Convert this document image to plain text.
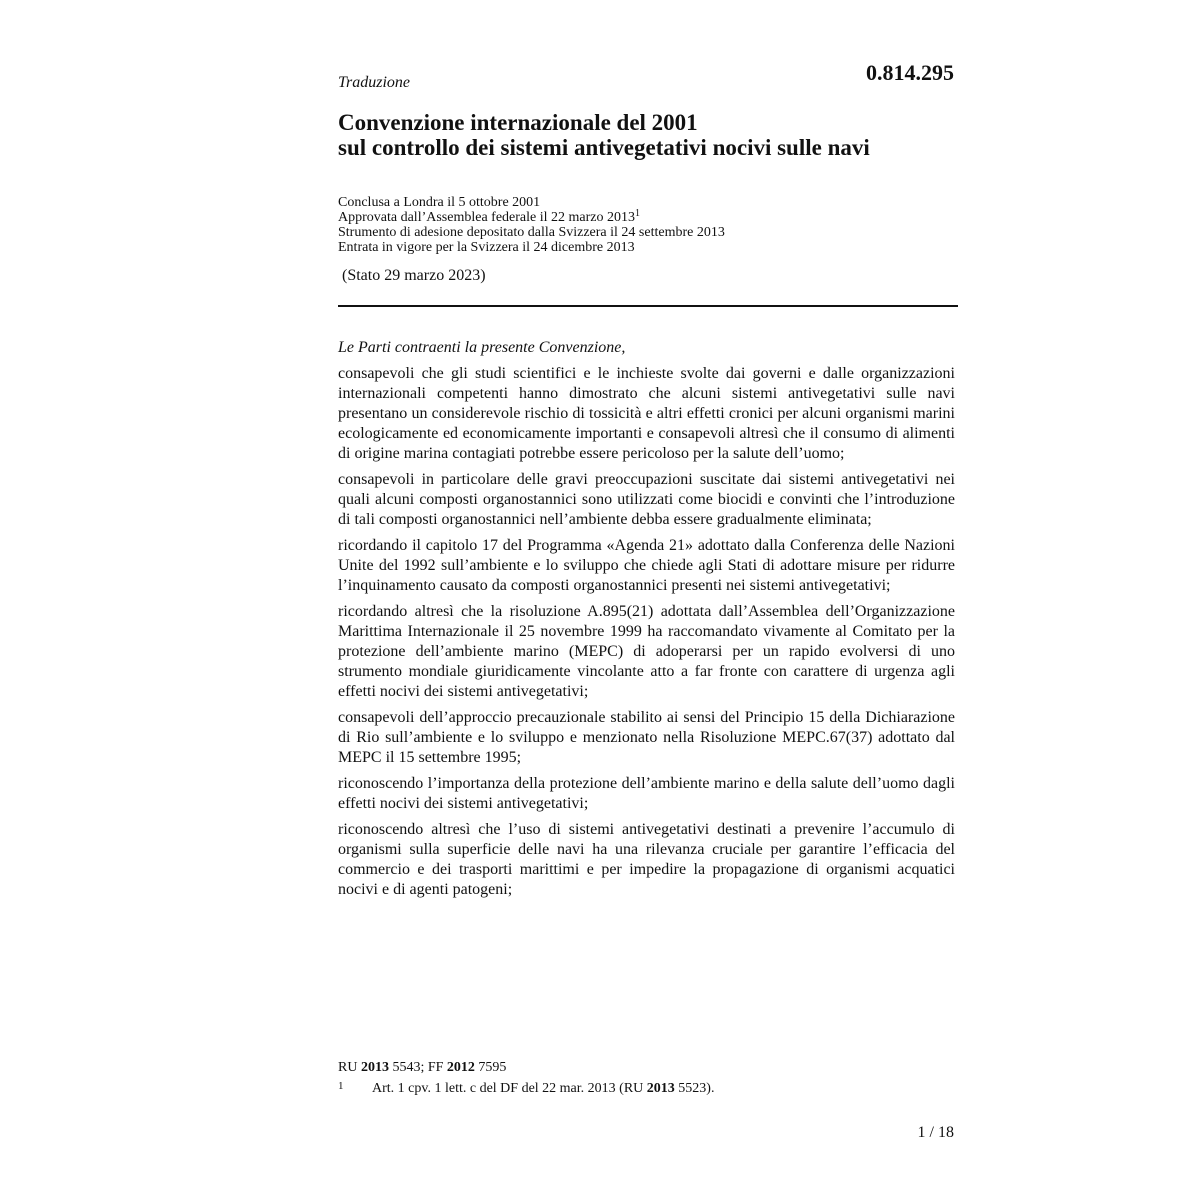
Traduzione	0.814.295
Convenzione internazionale del 2001
sul controllo dei sistemi antivegetativi nocivi sulle navi
Conclusa a Londra il 5 ottobre 2001
Approvata dall’Assemblea federale il 22 marzo 2013$^1$
Strumento di adesione depositato dalla Svizzera il 24 settembre 2013
Entrata in vigore per la Svizzera il 24 dicembre 2013
(Stato 29 marzo 2023)
Le Parti contraenti la presente Convenzione,

consapevoli che gli studi scientifici e le inchieste svolte dai governi e dalle organizzazioni internazionali competenti hanno dimostrato che alcuni sistemi antivegetativi sulle navi presentano un considerevole rischio di tossicità e altri effetti cronici per alcuni organismi marini ecologicamente ed economicamente importanti e consapevoli altresì che il consumo di alimenti di origine marina contagiati potrebbe essere pericoloso per la salute dell’uomo;

consapevoli in particolare delle gravi preoccupazioni suscitate dai sistemi antivegetativi nei quali alcuni composti organostannici sono utilizzati come biocidi e convinti che l’introduzione di tali composti organostannici nell’ambiente debba essere gradualmente eliminata;

ricordando il capitolo 17 del Programma «Agenda 21» adottato dalla Conferenza delle Nazioni Unite del 1992 sull’ambiente e lo sviluppo che chiede agli Stati di adottare misure per ridurre l’inquinamento causato da composti organostannici presenti nei sistemi antivegetativi;

ricordando altresì che la risoluzione A.895(21) adottata dall’Assemblea dell’Organizzazione Marittima Internazionale il 25 novembre 1999 ha raccomandato vivamente al Comitato per la protezione dell’ambiente marino (MEPC) di adoperarsi per un rapido evolversi di uno strumento mondiale giuridicamente vincolante atto a far fronte con carattere di urgenza agli effetti nocivi dei sistemi antivegetativi;

consapevoli dell’approccio precauzionale stabilito ai sensi del Principio 15 della Dichiarazione di Rio sull’ambiente e lo sviluppo e menzionato nella Risoluzione MEPC.67(37) adottato dal MEPC il 15 settembre 1995;

riconoscendo l’importanza della protezione dell’ambiente marino e della salute dell’uomo dagli effetti nocivi dei sistemi antivegetativi;

riconoscendo altresì che l’uso di sistemi antivegetativi destinati a prevenire l’accumulo di organismi sulla superficie delle navi ha una rilevanza cruciale per garantire l’efficacia del commercio e dei trasporti marittimi e per impedire la propagazione di organismi acquatici nocivi e di agenti patogeni;

RU 2013 5543; FF 2012 7595
1 Art. 1 cpv. 1 lett. c del DF del 22 mar. 2013 (RU 2013 5523).
1 / 18
